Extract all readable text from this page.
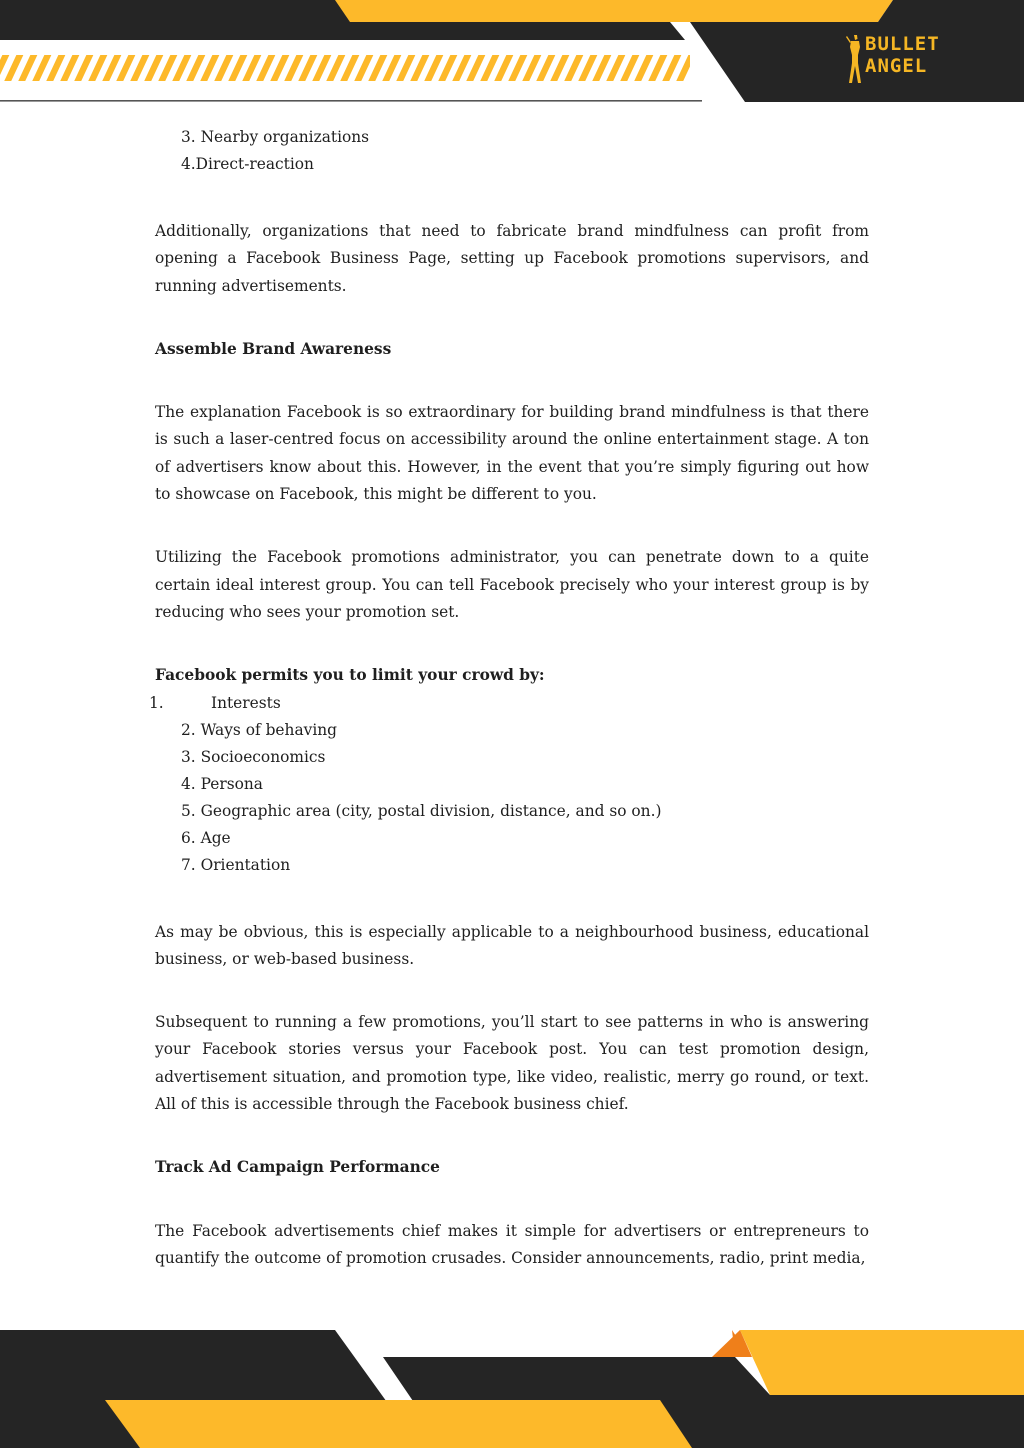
BULLET
ANGEL

3. Nearby organizations

4.Direct-reaction

Additionally, organizations that need to fabricate brand mindfulness can profit from opening a Facebook Business Page, setting up Facebook promotions supervisors, and running advertisements.

Assemble Brand Awareness

The explanation Facebook is so extraordinary for building brand mindfulness is that there is such a laser-centred focus on accessibility around the online entertainment stage. A ton of advertisers know about this. However, in the event that you’re simply figuring out how to showcase on Facebook, this might be different to you.

Utilizing the Facebook promotions administrator, you can penetrate down to a quite certain ideal interest group. You can tell Facebook precisely who your interest group is by reducing who sees your promotion set.

Facebook permits you to limit your crowd by:

1.	Interests

2. Ways of behaving

3. Socioeconomics

4. Persona

5. Geographic area (city, postal division, distance, and so on.)

6. Age

7. Orientation

As may be obvious, this is especially applicable to a neighbourhood business, educational business, or web-based business.

Subsequent to running a few promotions, you’ll start to see patterns in who is answering your Facebook stories versus your Facebook post. You can test promotion design, advertisement situation, and promotion type, like video, realistic, merry go round, or text. All of this is accessible through the Facebook business chief.

Track Ad Campaign Performance

The Facebook advertisements chief makes it simple for advertisers or entrepreneurs to quantify the outcome of promotion crusades. Consider announcements, radio, print media,
